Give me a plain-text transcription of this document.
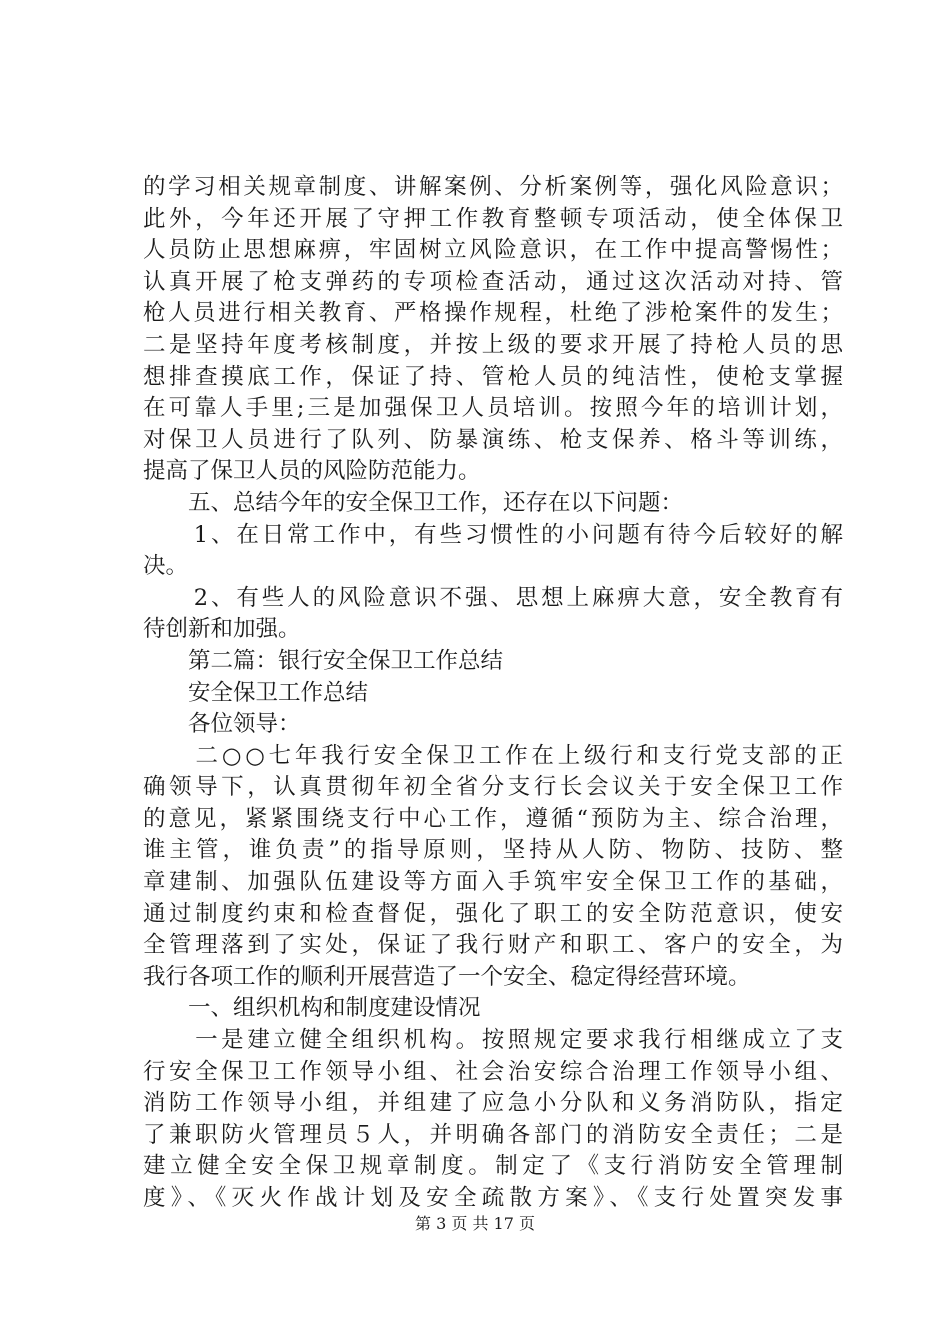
的学习相关规章制度、讲解案例、分析案例等，强化风险意识；
此外，今年还开展了守押工作教育整顿专项活动，使全体保卫
人员防止思想麻痹，牢固树立风险意识，在工作中提高警惕性；
认真开展了枪支弹药的专项检查活动，通过这次活动对持、管
枪人员进行相关教育、严格操作规程，杜绝了涉枪案件的发生；
二是坚持年度考核制度，并按上级的要求开展了持枪人员的思
想排查摸底工作，保证了持、管枪人员的纯洁性，使枪支掌握
在可靠人手里;三是加强保卫人员培训。按照今年的培训计划，
对保卫人员进行了队列、防暴演练、枪支保养、格斗等训练，
提高了保卫人员的风险防范能力。
　　五、总结今年的安全保卫工作，还存在以下问题：
　　1、在日常工作中，有些习惯性的小问题有待今后较好的解
决。
　　2、有些人的风险意识不强、思想上麻痹大意，安全教育有
待创新和加强。
　　第二篇：银行安全保卫工作总结
　　安全保卫工作总结
　　各位领导：
　　二○○七年我行安全保卫工作在上级行和支行党支部的正
确领导下，认真贯彻年初全省分支行长会议关于安全保卫工作
的意见，紧紧围绕支行中心工作，遵循“预防为主、综合治理，
谁主管，谁负责”的指导原则，坚持从人防、物防、技防、整
章建制、加强队伍建设等方面入手筑牢安全保卫工作的基础，
通过制度约束和检查督促，强化了职工的安全防范意识，使安
全管理落到了实处，保证了我行财产和职工、客户的安全，为
我行各项工作的顺利开展营造了一个安全、稳定得经营环境。
　　一、组织机构和制度建设情况
　　一是建立健全组织机构。按照规定要求我行相继成立了支
行安全保卫工作领导小组、社会治安综合治理工作领导小组、
消防工作领导小组，并组建了应急小分队和义务消防队，指定
了兼职防火管理员５人，并明确各部门的消防安全责任；二是
建立健全安全保卫规章制度。制定了《支行消防安全管理制
度》、《灭火作战计划及安全疏散方案》、《支行处置突发事
第 3 页 共 17 页
